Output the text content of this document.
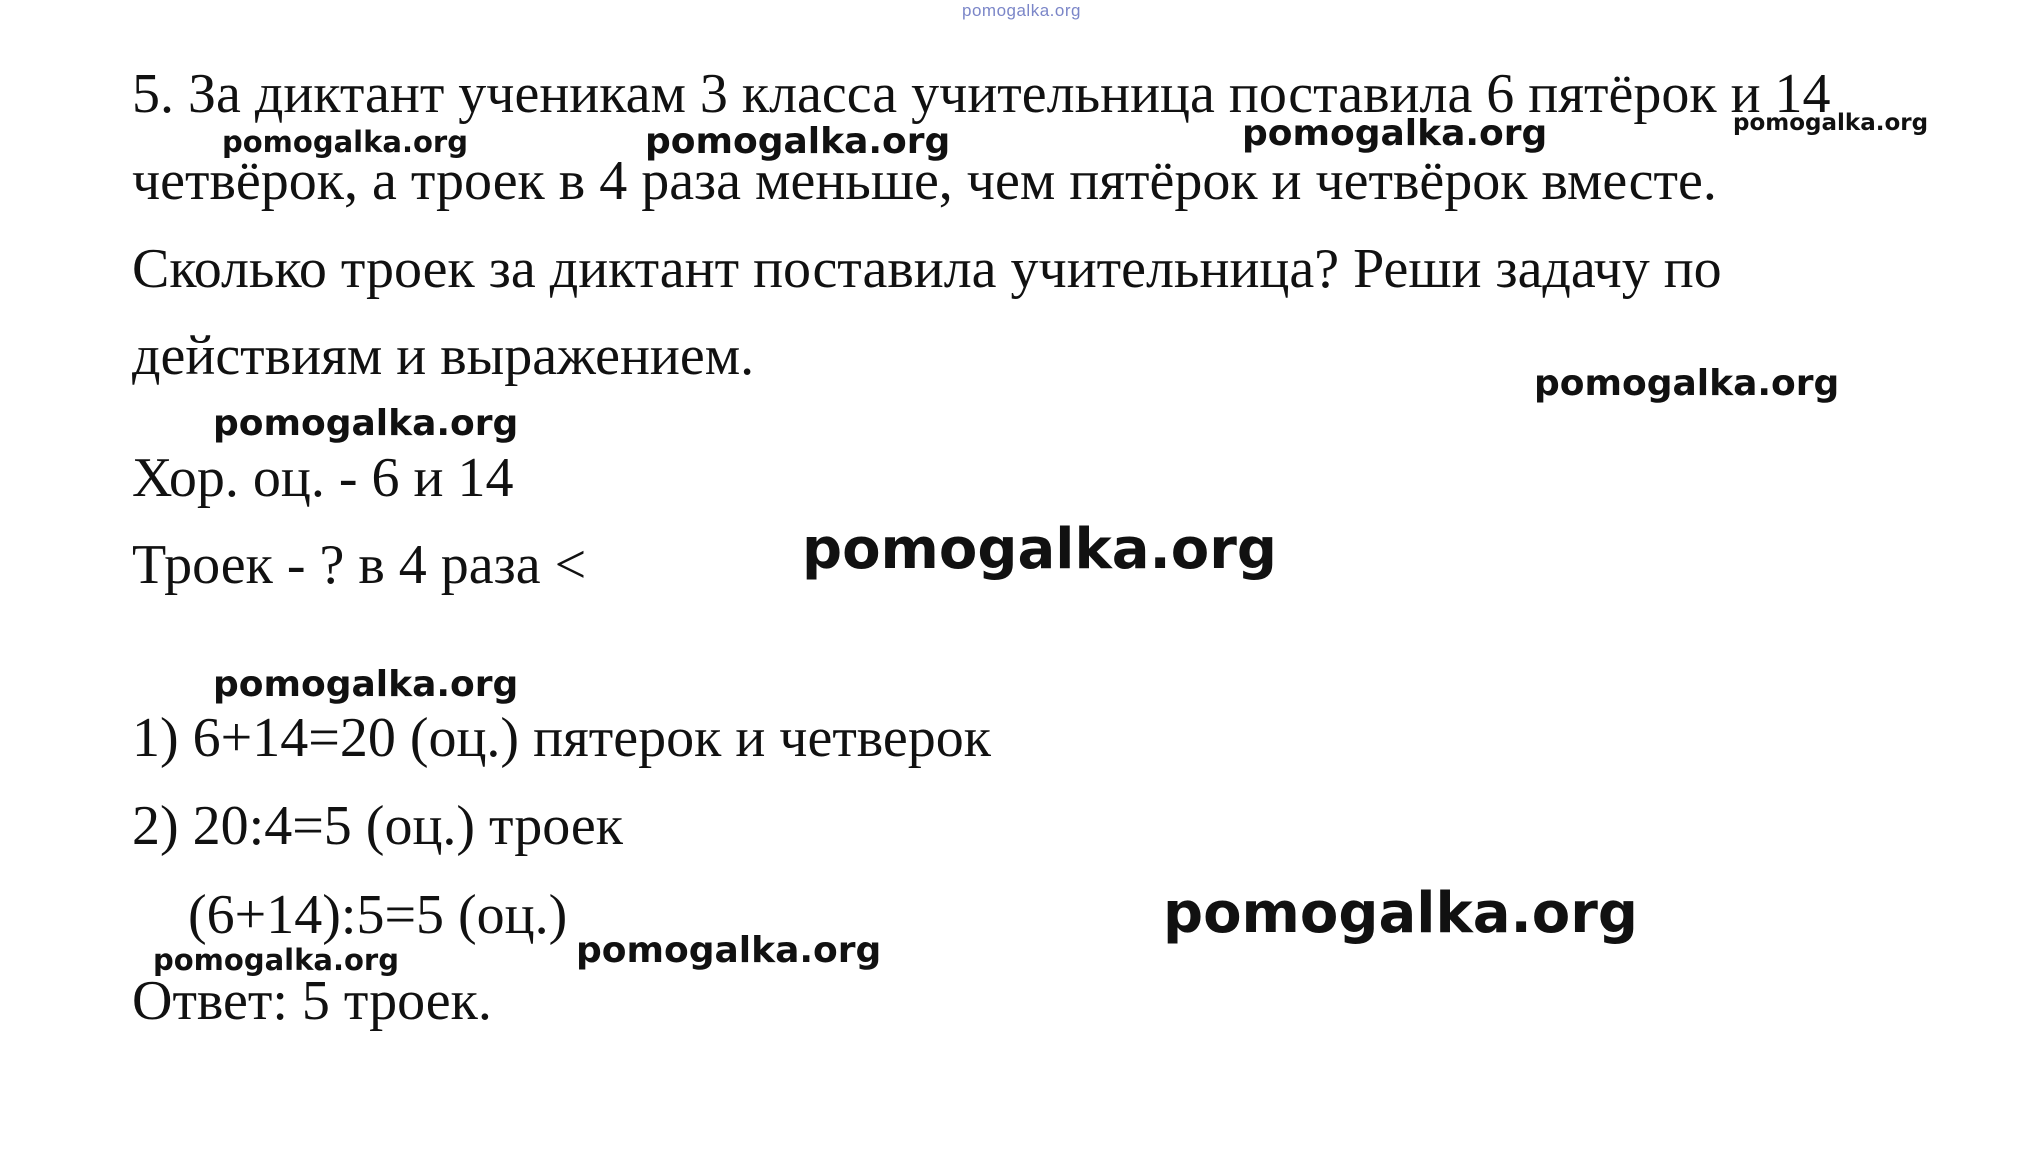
pomogalka.org
5. За диктант ученикам 3 класса учительница поставила 6 пятёрок и 14
четвёрок, а троек в 4 раза меньше, чем пятёрок и четвёрок вместе.
Сколько троек за диктант поставила учительница? Реши задачу по
действиям и выражением.
Хор. оц. - 6 и 14
Троек - ? в 4 раза <
1) 6+14=20 (оц.) пятерок и четверок
2) 20:4=5 (оц.) троек
(6+14):5=5 (оц.)
Ответ: 5 троек.
pomogalka.org	pomogalka.org	pomogalka.org	pomogalka.org
pomogalka.org
pomogalka.org
pomogalka.org
pomogalka.org
pomogalka.org
pomogalka.org	pomogalka.org
